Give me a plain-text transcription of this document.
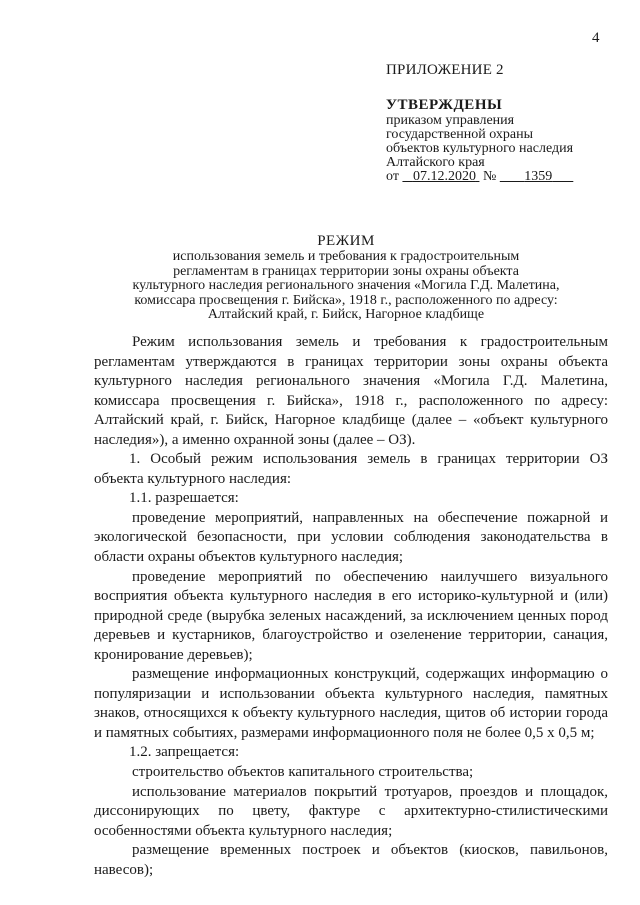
4
ПРИЛОЖЕНИЕ 2
УТВЕРЖДЕНЫ
приказом управления
государственной охраны
объектов культурного наследия
Алтайского края
от 07.12.2020 № 1359
РЕЖИМ
использования земель и требования к градостроительным
регламентам в границах территории зоны охраны объекта
культурного наследия регионального значения «Могила Г.Д. Малетина,
комиссара просвещения г. Бийска», 1918 г., расположенного по адресу:
Алтайский край, г. Бийск, Нагорное кладбище

Режим использования земель и требования к градостроительным регламентам утверждаются в границах территории зоны охраны объекта культурного наследия регионального значения «Могила Г.Д. Малетина, комиссара просвещения г. Бийска», 1918 г., расположенного по адресу: Алтайский край, г. Бийск, Нагорное кладбище (далее – «объект культурного наследия»), а именно охранной зоны (далее – ОЗ).

1. Особый режим использования земель в границах территории ОЗ объекта культурного наследия:

1.1. разрешается:

проведение мероприятий, направленных на обеспечение пожарной и экологической безопасности, при условии соблюдения законодательства в области охраны объектов культурного наследия;

проведение мероприятий по обеспечению наилучшего визуального восприятия объекта культурного наследия в его историко-культурной и (или) природной среде (вырубка зеленых насаждений, за исключением ценных пород деревьев и кустарников, благоустройство и озеленение территории, санация, кронирование деревьев);

размещение информационных конструкций, содержащих информацию о популяризации и использовании объекта культурного наследия, памятных знаков, относящихся к объекту культурного наследия, щитов об истории города и памятных событиях, размерами информационного поля не более 0,5 х 0,5 м;

1.2. запрещается:

строительство объектов капитального строительства;

использование материалов покрытий тротуаров, проездов и площадок, диссонирующих по цвету, фактуре с архитектурно-стилистическими особенностями объекта культурного наследия;

размещение временных построек и объектов (киосков, павильонов, навесов);
